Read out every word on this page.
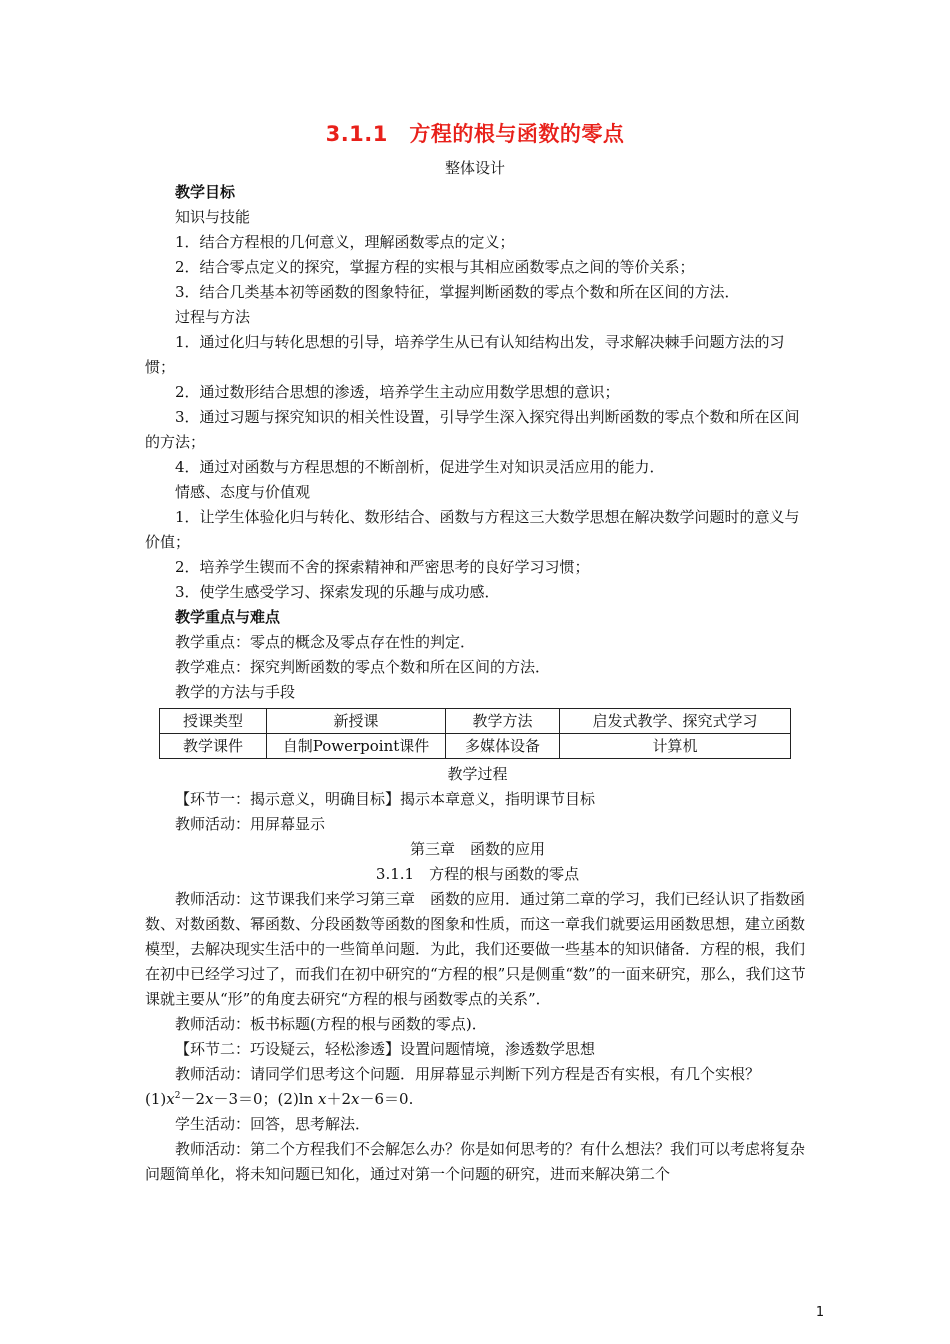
3.1.1　方程的根与函数的零点
整体设计

教学目标

知识与技能

1．结合方程根的几何意义，理解函数零点的定义；

2．结合零点定义的探究，掌握方程的实根与其相应函数零点之间的等价关系；

3．结合几类基本初等函数的图象特征，掌握判断函数的零点个数和所在区间的方法．

过程与方法

1．通过化归与转化思想的引导，培养学生从已有认知结构出发，寻求解决棘手问题方法的习惯；

2．通过数形结合思想的渗透，培养学生主动应用数学思想的意识；

3．通过习题与探究知识的相关性设置，引导学生深入探究得出判断函数的零点个数和所在区间的方法；

4．通过对函数与方程思想的不断剖析，促进学生对知识灵活应用的能力．

情感、态度与价值观

1．让学生体验化归与转化、数形结合、函数与方程这三大数学思想在解决数学问题时的意义与价值；

2．培养学生锲而不舍的探索精神和严密思考的良好学习习惯；

3．使学生感受学习、探索发现的乐趣与成功感．

教学重点与难点

教学重点：零点的概念及零点存在性的判定．

教学难点：探究判断函数的零点个数和所在区间的方法．

教学的方法与手段

授课类型	新授课	教学方法	启发式教学、探究式学习
教学课件	自制Powerpoint课件	多媒体设备	计算机

教学过程

【环节一：揭示意义，明确目标】揭示本章意义，指明课节目标

教师活动：用屏幕显示

第三章　函数的应用

3.1.1　方程的根与函数的零点

教师活动：这节课我们来学习第三章　函数的应用．通过第二章的学习，我们已经认识了指数函数、对数函数、幂函数、分段函数等函数的图象和性质，而这一章我们就要运用函数思想，建立函数模型，去解决现实生活中的一些简单问题．为此，我们还要做一些基本的知识储备．方程的根，我们在初中已经学习过了，而我们在初中研究的“方程的根”只是侧重“数”的一面来研究，那么，我们这节课就主要从“形”的角度去研究“方程的根与函数零点的关系”．

教师活动：板书标题(方程的根与函数的零点)．

【环节二：巧设疑云，轻松渗透】设置问题情境，渗透数学思想

教师活动：请同学们思考这个问题．用屏幕显示判断下列方程是否有实根，有几个实根？

$(1)x^2-2x-3=0$；(2)ln x＋2x－6＝0.

学生活动：回答，思考解法．

教师活动：第二个方程我们不会解怎么办？你是如何思考的？有什么想法？我们可以考虑将复杂问题简单化，将未知问题已知化，通过对第一个问题的研究，进而来解决第二个

1
